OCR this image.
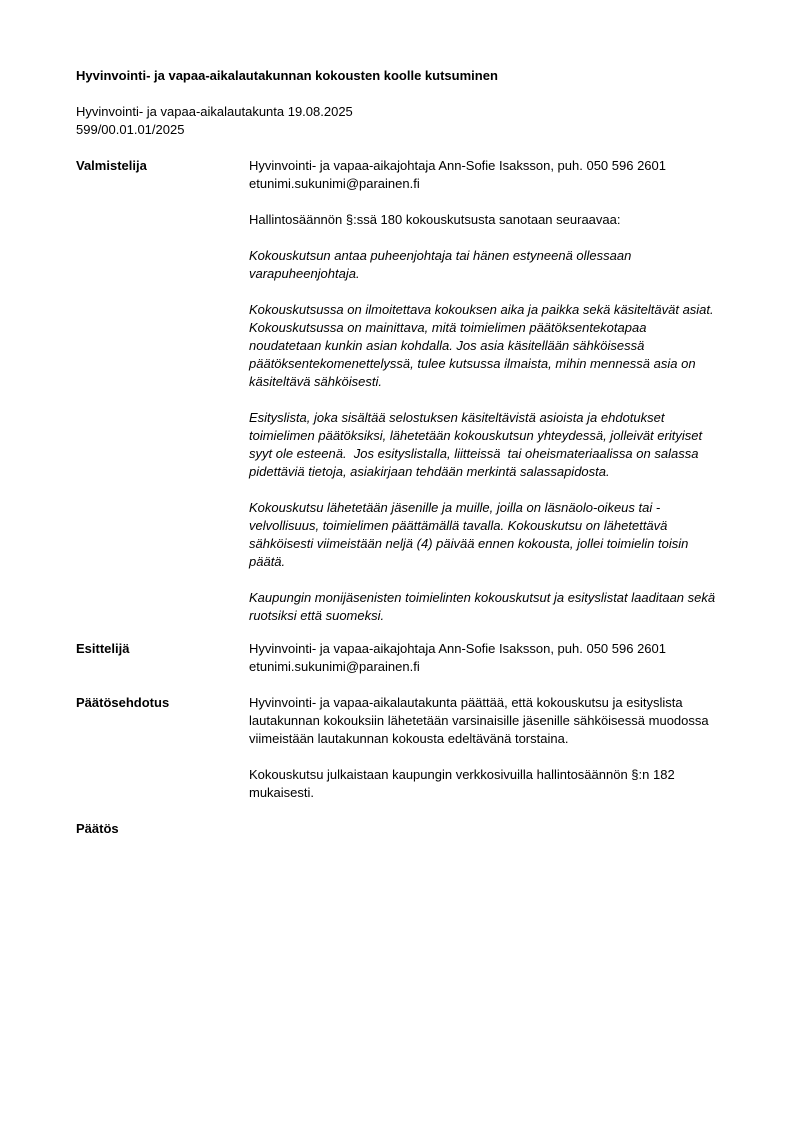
Hyvinvointi- ja vapaa-aikalautakunnan kokousten koolle kutsuminen
Hyvinvointi- ja vapaa-aikalautakunta 19.08.2025
599/00.01.01/2025
Valmistelija	Hyvinvointi- ja vapaa-aikajohtaja Ann-Sofie Isaksson, puh. 050 596 2601
etunimi.sukunimi@parainen.fi

Hallintosäännön §:ssä 180 kokouskutsusta sanotaan seuraavaa:

Kokouskutsun antaa puheenjohtaja tai hänen estyneenä ollessaan
varapuheenjohtaja.

Kokouskutsussa on ilmoitettava kokouksen aika ja paikka sekä käsiteltävät asiat.
Kokouskutsussa on mainittava, mitä toimielimen päätöksentekotapaa
noudatetaan kunkin asian kohdalla. Jos asia käsitellään sähköisessä
päätöksentekomenettelyssä, tulee kutsussa ilmaista, mihin mennessä asia on
käsiteltävä sähköisesti.

Esityslista, joka sisältää selostuksen käsiteltävistä asioista ja ehdotukset
toimielimen päätöksiksi, lähetetään kokouskutsun yhteydessä, jolleivät erityiset
syyt ole esteenä.  Jos esityslistalla, liitteissä  tai oheismateriaalissa on salassa
pidettäviä tietoja, asiakirjaan tehdään merkintä salassapidosta.

Kokouskutsu lähetetään jäsenille ja muille, joilla on läsnäolo-oikeus tai -
velvollisuus, toimielimen päättämällä tavalla. Kokouskutsu on lähetettävä
sähköisesti viimeistään neljä (4) päivää ennen kokousta, jollei toimielin toisin
päätä.

Kaupungin monijäsenisten toimielinten kokouskutsut ja esityslistat laaditaan sekä
ruotsiksi että suomeksi.

Esittelijä	Hyvinvointi- ja vapaa-aikajohtaja Ann-Sofie Isaksson, puh. 050 596 2601
etunimi.sukunimi@parainen.fi

Päätösehdotus	Hyvinvointi- ja vapaa-aikalautakunta päättää, että kokouskutsu ja esityslista
lautakunnan kokouksiin lähetetään varsinaisille jäsenille sähköisessä muodossa
viimeistään lautakunnan kokousta edeltävänä torstaina.

Kokouskutsu julkaistaan kaupungin verkkosivuilla hallintosäännön §:n 182
mukaisesti.

Päätös
